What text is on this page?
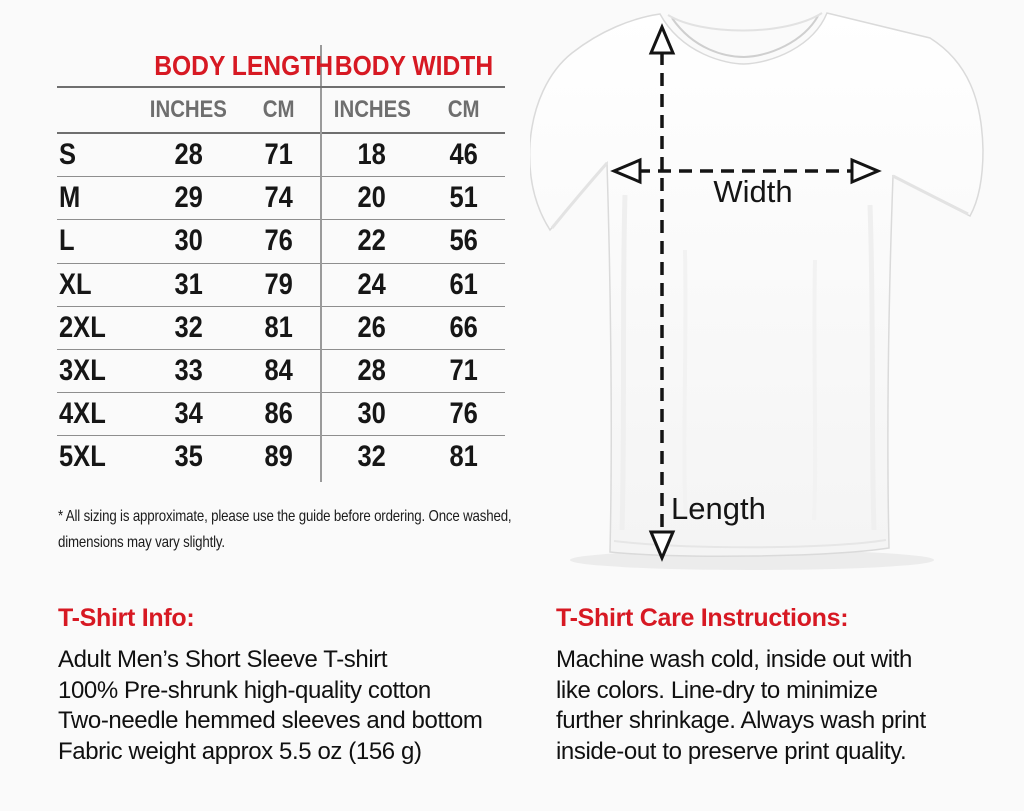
BODY LENGTH BODY WIDTH
INCHES	CM	INCHES	CM
S	28	71	18	46
M	29	74	20	51
L	30	76	22	56
XL	31	79	24	61
2XL	32	81	26	66
3XL	33	84	28	71
4XL	34	86	30	76
5XL	35	89	32	81
* All sizing is approximate, please use the guide before ordering. Once washed,
dimensions may vary slightly.
Width
Length
T-Shirt Info:
Adult Men’s Short Sleeve T-shirt
100% Pre-shrunk high-quality cotton
Two-needle hemmed sleeves and bottom
Fabric weight approx 5.5 oz (156 g)
T-Shirt Care Instructions:
Machine wash cold, inside out with
like colors. Line-dry to minimize
further shrinkage. Always wash print
inside-out to preserve print quality.
